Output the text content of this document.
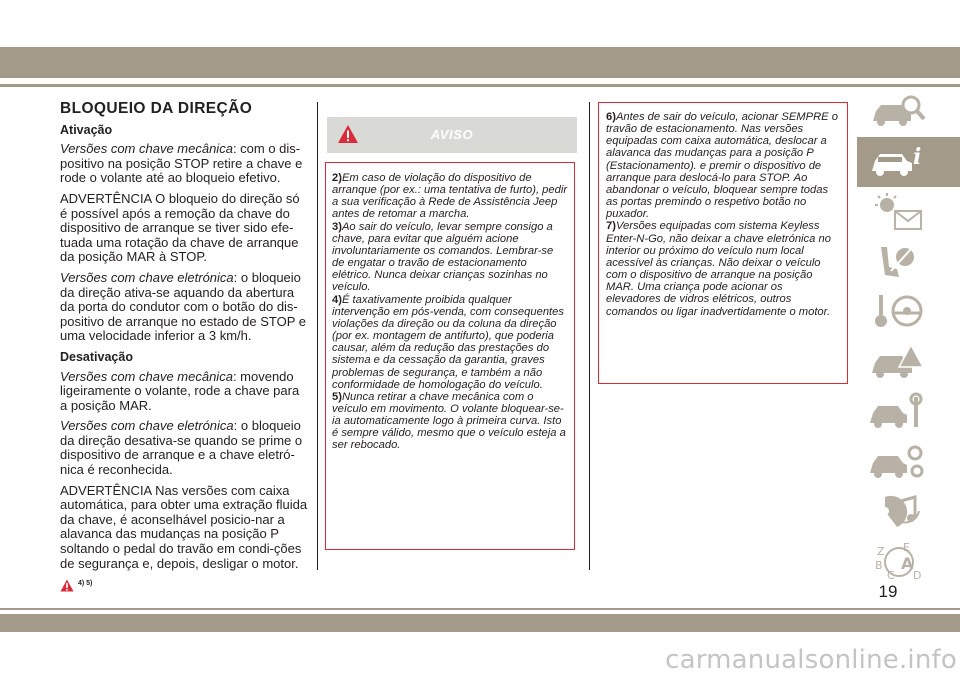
BLOQUEIO DA DIREÇÃO
Ativação

Versões com chave mecânica: com o dis-positivo na posição STOP retire a chave e rode o volante até ao bloqueio efetivo.

ADVERTÊNCIA O bloqueio do direção só é possível após a remoção da chave do dispositivo de arranque se tiver sido efe-tuada uma rotação da chave de arranque da posição MAR à STOP.

Versões com chave eletrónica: o bloqueio da direção ativa-se aquando da abertura da porta do condutor com o botão do dis-positivo de arranque no estado de STOP e uma velocidade inferior a 3 km/h.

Desativação

Versões com chave mecânica: movendo ligeiramente o volante, rode a chave para a posição MAR.

Versões com chave eletrónica: o bloqueio da direção desativa-se quando se prime o dispositivo de arranque e a chave eletró-nica é reconhecida.

ADVERTÊNCIA Nas versões com caixa automática, para obter uma extração fluida da chave, é aconselhável posicio-nar a alavanca das mudanças na posição P soltando o pedal do travão em condi-ções de segurança e, depois, desligar o motor.

4) 5)
AVISO

2)Em caso de violação do dispositivo de arranque (por ex.: uma tentativa de furto), pedir a sua verificação à Rede de Assistência Jeep antes de retomar a marcha.

3)Ao sair do veículo, levar sempre consigo a chave, para evitar que alguém acione involuntariamente os comandos. Lembrar-se de engatar o travão de estacionamento elétrico. Nunca deixar crianças sozinhas no veículo.

4)É taxativamente proibida qualquer intervenção em pós-venda, com consequentes violações da direção ou da coluna da direção (por ex. montagem de antifurto), que poderia causar, além da redução das prestações do sistema e da cessação da garantia, graves problemas de segurança, e também a não conformidade de homologação do veículo.

5)Nunca retirar a chave mecânica com o veículo em movimento. O volante bloquear-se-ia automaticamente logo à primeira curva. Isto é sempre válido, mesmo que o veículo esteja a ser rebocado.

6)Antes de sair do veículo, acionar SEMPRE o travão de estacionamento. Nas versões equipadas com caixa automática, deslocar a alavanca das mudanças para a posição P (Estacionamento). e premir o dispositivo de arranque para deslocá-lo para STOP. Ao abandonar o veículo, bloquear sempre todas as portas premindo o respetivo botão no puxador.

7)Versões equipadas com sistema Keyless Enter-N-Go, não deixar a chave eletrónica no interior ou próximo do veículo num local acessível às crianças. Não deixar o veículo com o dispositivo de arranque na posição MAR. Uma criança pode acionar os elevadores de vidros elétricos, outros comandos ou ligar inadvertidamente o motor.

i
Z E
B A
C D
19
carmanualsonline.info
